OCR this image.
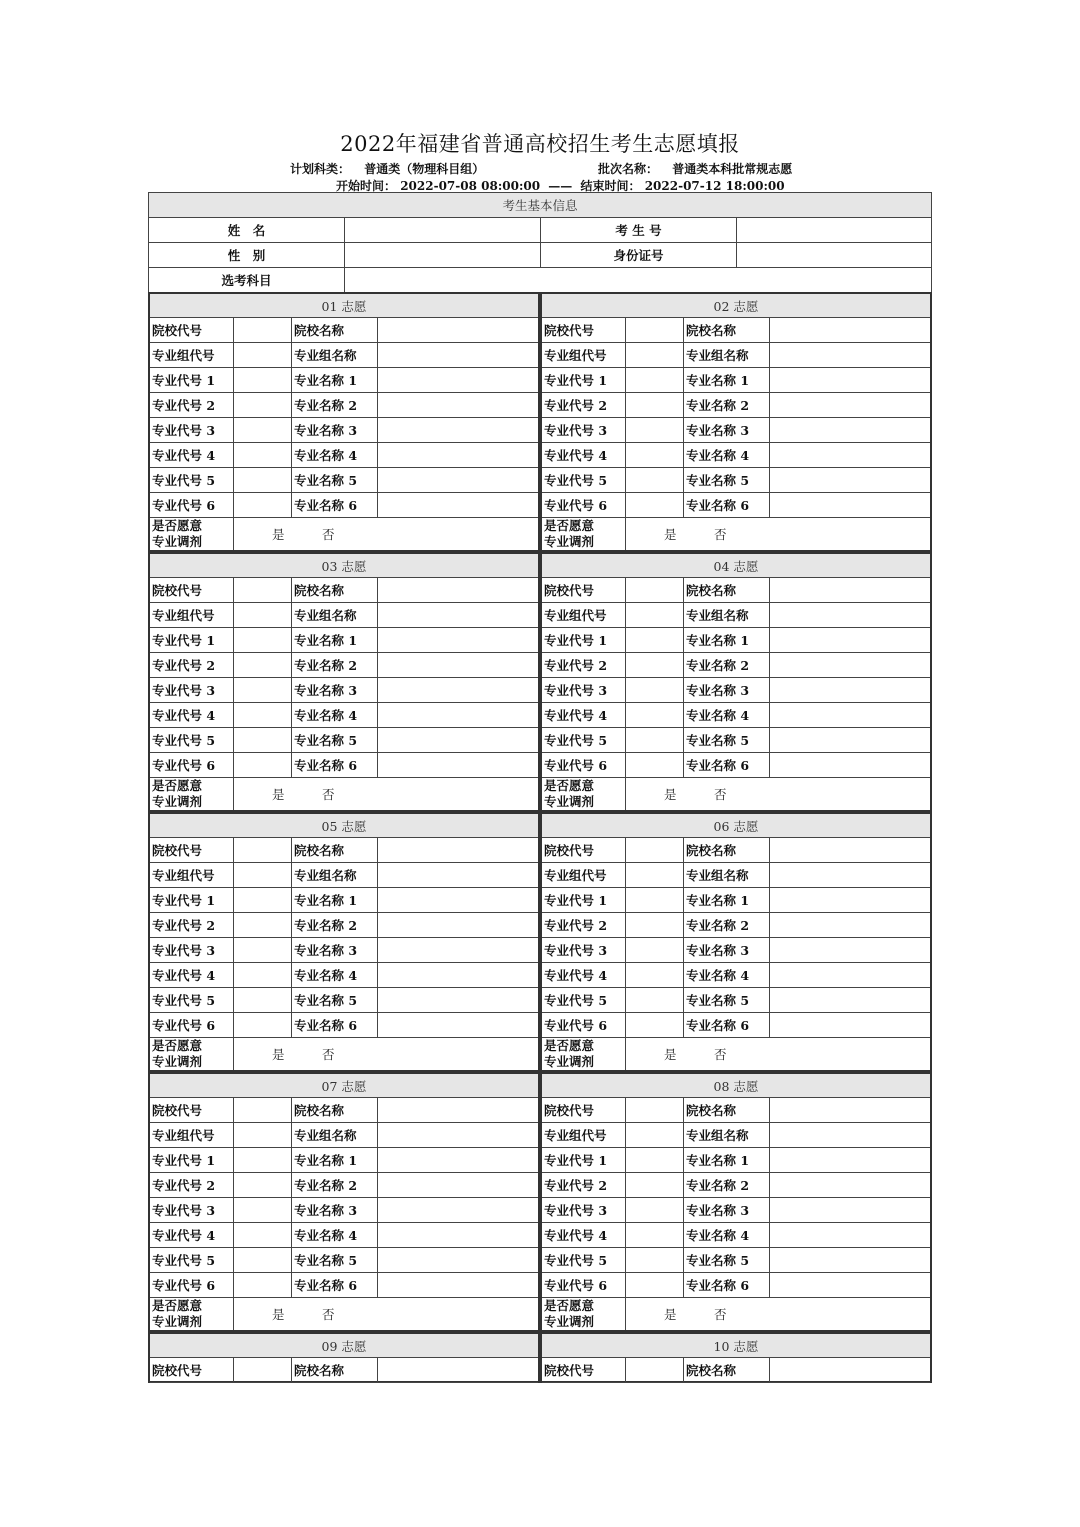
2022年福建省普通高校招生考生志愿填报
计划科类： 普通类（物理科目组）	批次名称： 普通类本科批常规志愿
开始时间： 2022-07-08 08:00:00 —— 结束时间： 2022-07-12 18:00:00
考生基本信息
姓　名	考 生 号
性　别	身份证号
选考科目
01 志愿
院校代号	院校名称
专业组代号	专业组名称
专业代号 1	专业名称 1
专业代号 2	专业名称 2
专业代号 3	专业名称 3
专业代号 4	专业名称 4
专业代号 5	专业名称 5
专业代号 6	专业名称 6
是否愿意
专业调剂	是	否
02 志愿
院校代号	院校名称
专业组代号	专业组名称
专业代号 1	专业名称 1
专业代号 2	专业名称 2
专业代号 3	专业名称 3
专业代号 4	专业名称 4
专业代号 5	专业名称 5
专业代号 6	专业名称 6
是否愿意
专业调剂	是	否
03 志愿
院校代号	院校名称
专业组代号	专业组名称
专业代号 1	专业名称 1
专业代号 2	专业名称 2
专业代号 3	专业名称 3
专业代号 4	专业名称 4
专业代号 5	专业名称 5
专业代号 6	专业名称 6
是否愿意
专业调剂	是	否
04 志愿
院校代号	院校名称
专业组代号	专业组名称
专业代号 1	专业名称 1
专业代号 2	专业名称 2
专业代号 3	专业名称 3
专业代号 4	专业名称 4
专业代号 5	专业名称 5
专业代号 6	专业名称 6
是否愿意
专业调剂	是	否
05 志愿
院校代号	院校名称
专业组代号	专业组名称
专业代号 1	专业名称 1
专业代号 2	专业名称 2
专业代号 3	专业名称 3
专业代号 4	专业名称 4
专业代号 5	专业名称 5
专业代号 6	专业名称 6
是否愿意
专业调剂	是	否
06 志愿
院校代号	院校名称
专业组代号	专业组名称
专业代号 1	专业名称 1
专业代号 2	专业名称 2
专业代号 3	专业名称 3
专业代号 4	专业名称 4
专业代号 5	专业名称 5
专业代号 6	专业名称 6
是否愿意
专业调剂	是	否
07 志愿
院校代号	院校名称
专业组代号	专业组名称
专业代号 1	专业名称 1
专业代号 2	专业名称 2
专业代号 3	专业名称 3
专业代号 4	专业名称 4
专业代号 5	专业名称 5
专业代号 6	专业名称 6
是否愿意
专业调剂	是	否
08 志愿
院校代号	院校名称
专业组代号	专业组名称
专业代号 1	专业名称 1
专业代号 2	专业名称 2
专业代号 3	专业名称 3
专业代号 4	专业名称 4
专业代号 5	专业名称 5
专业代号 6	专业名称 6
是否愿意
专业调剂	是	否
09 志愿
院校代号	院校名称
10 志愿
院校代号	院校名称
